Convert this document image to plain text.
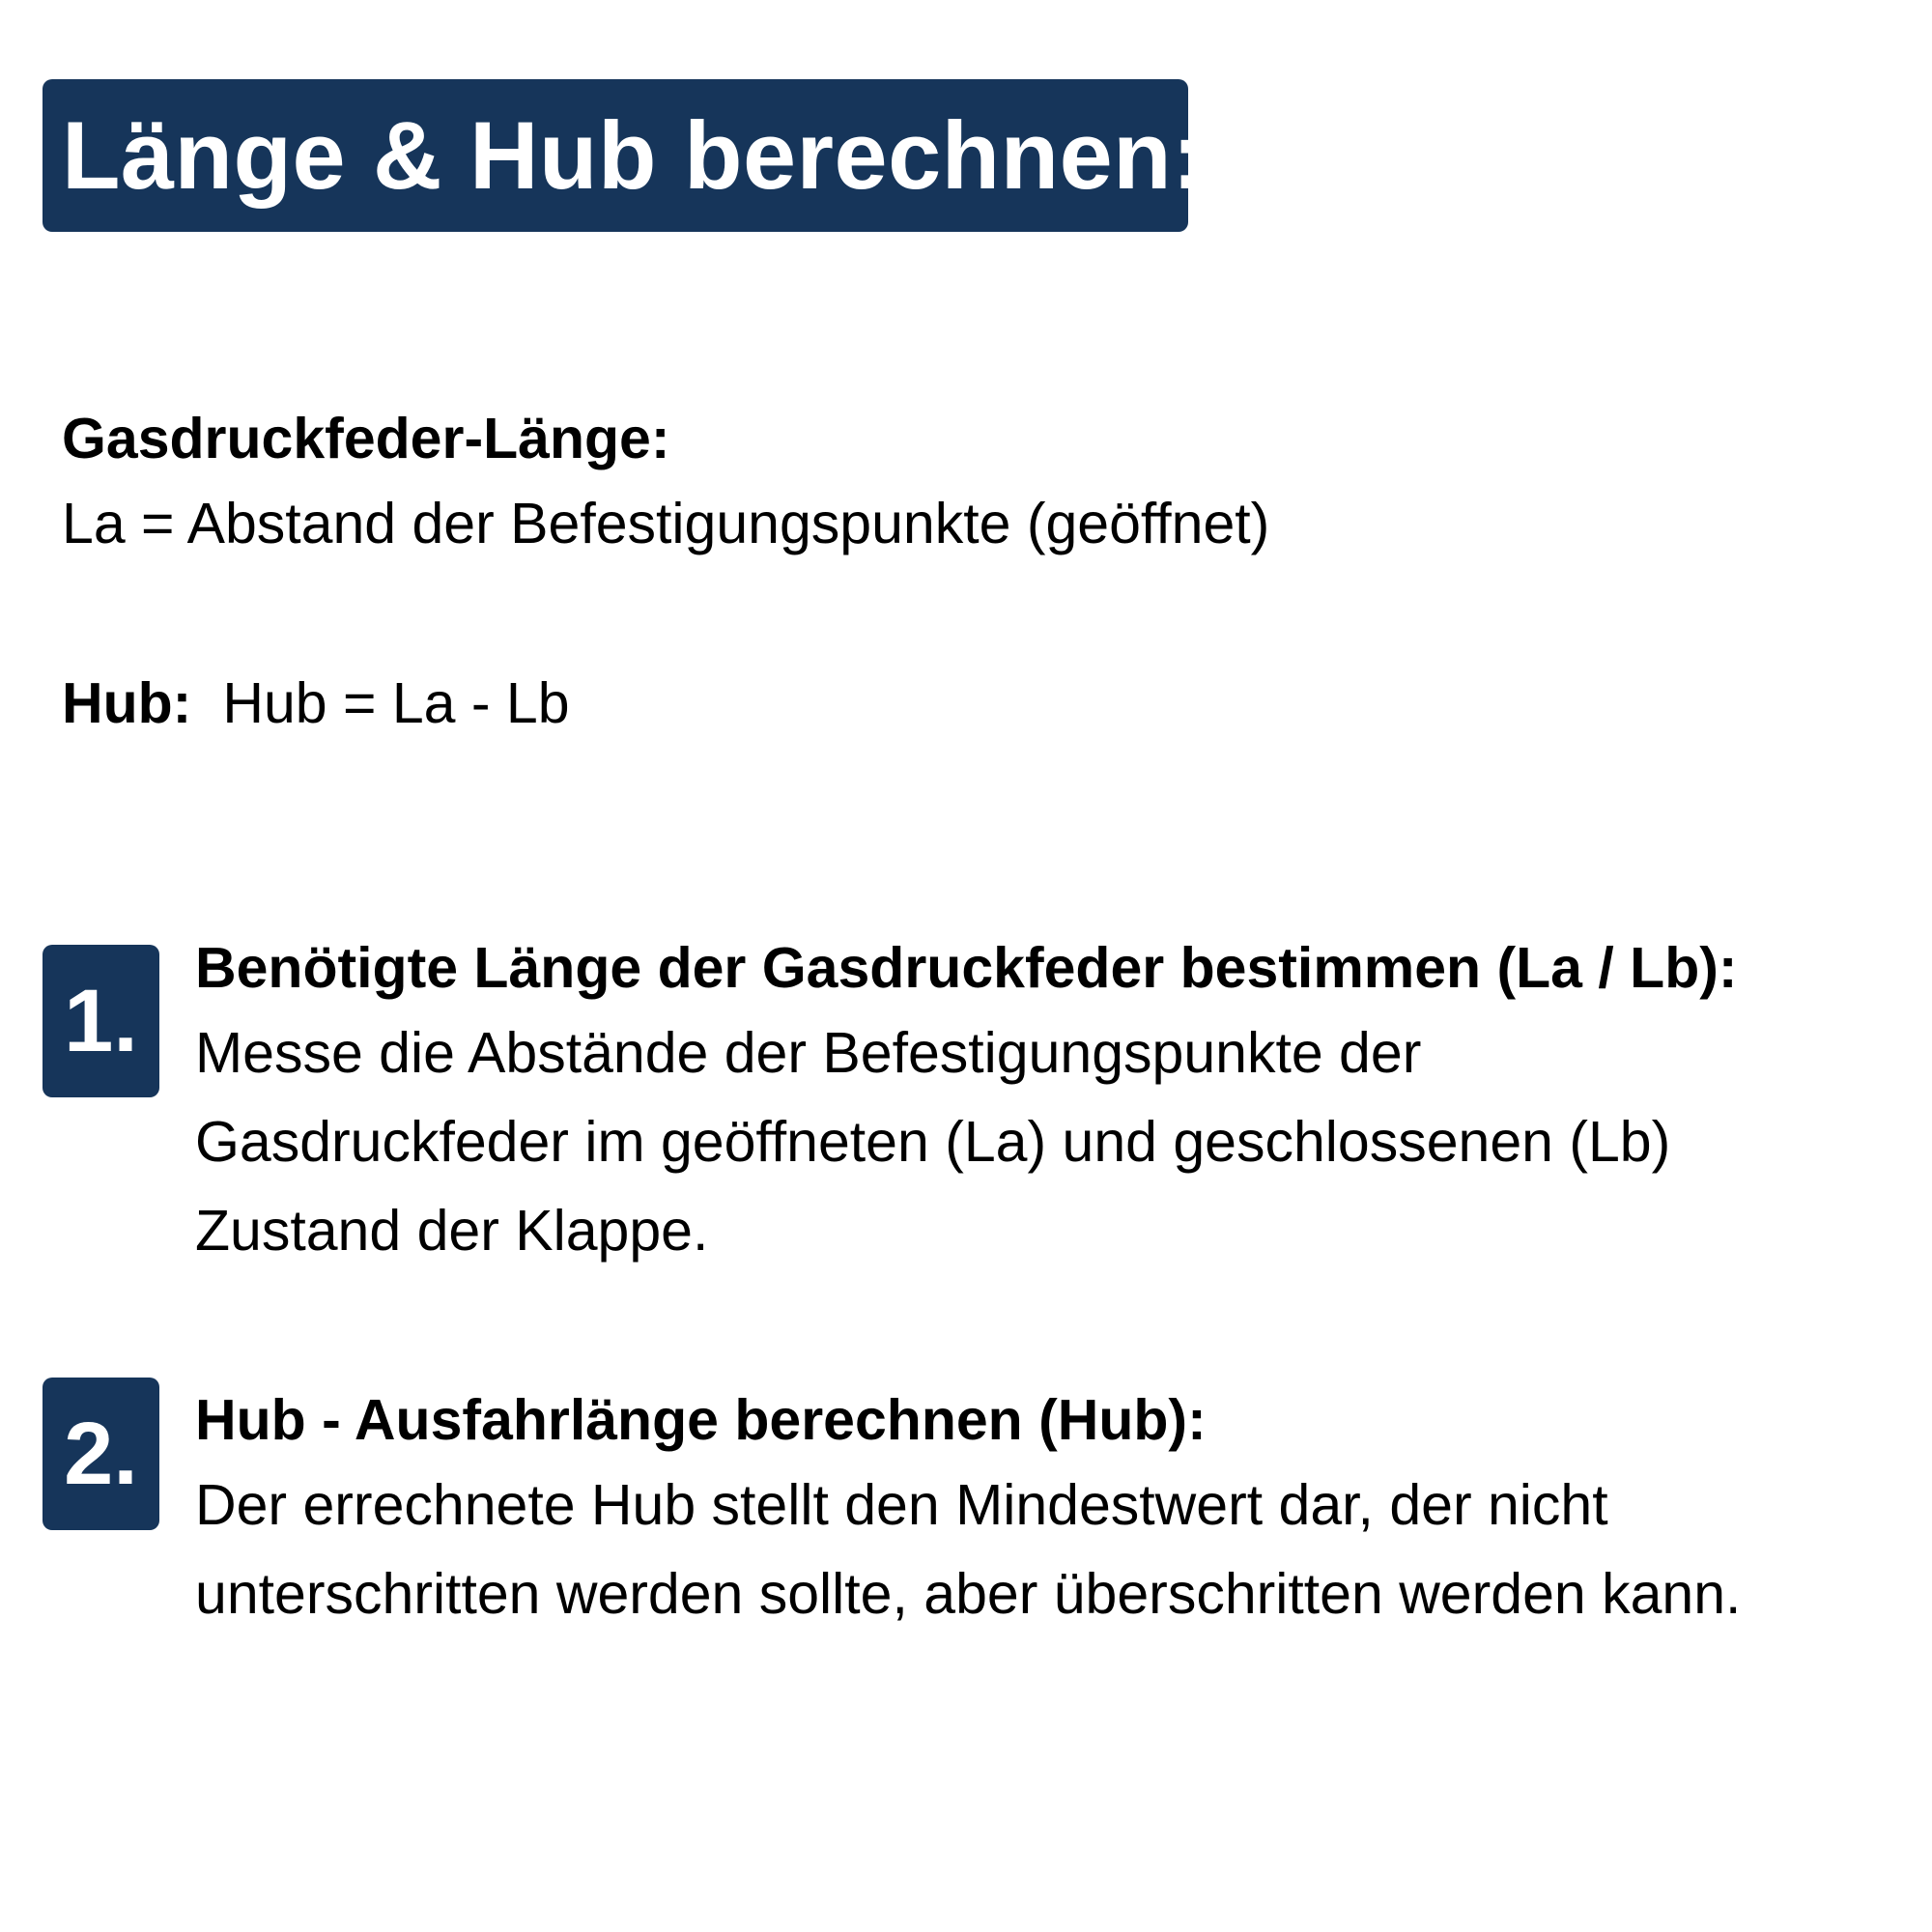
Länge & Hub berechnen:
Gasdruckfeder-Länge:
La = Abstand der Befestigungspunkte (geöffnet)
Hub: Hub = La - Lb
1.

Benötigte Länge der Gasdruckfeder bestimmen (La / Lb):

Messe die Abstände der Befestigungspunkte der
Gasdruckfeder im geöffneten (La) und geschlossenen (Lb)
Zustand der Klappe.
2.	Hub - Ausfahrlänge berechnen (Hub):

Der errechnete Hub stellt den Mindestwert dar, der nicht
unterschritten werden sollte, aber überschritten werden kann.
